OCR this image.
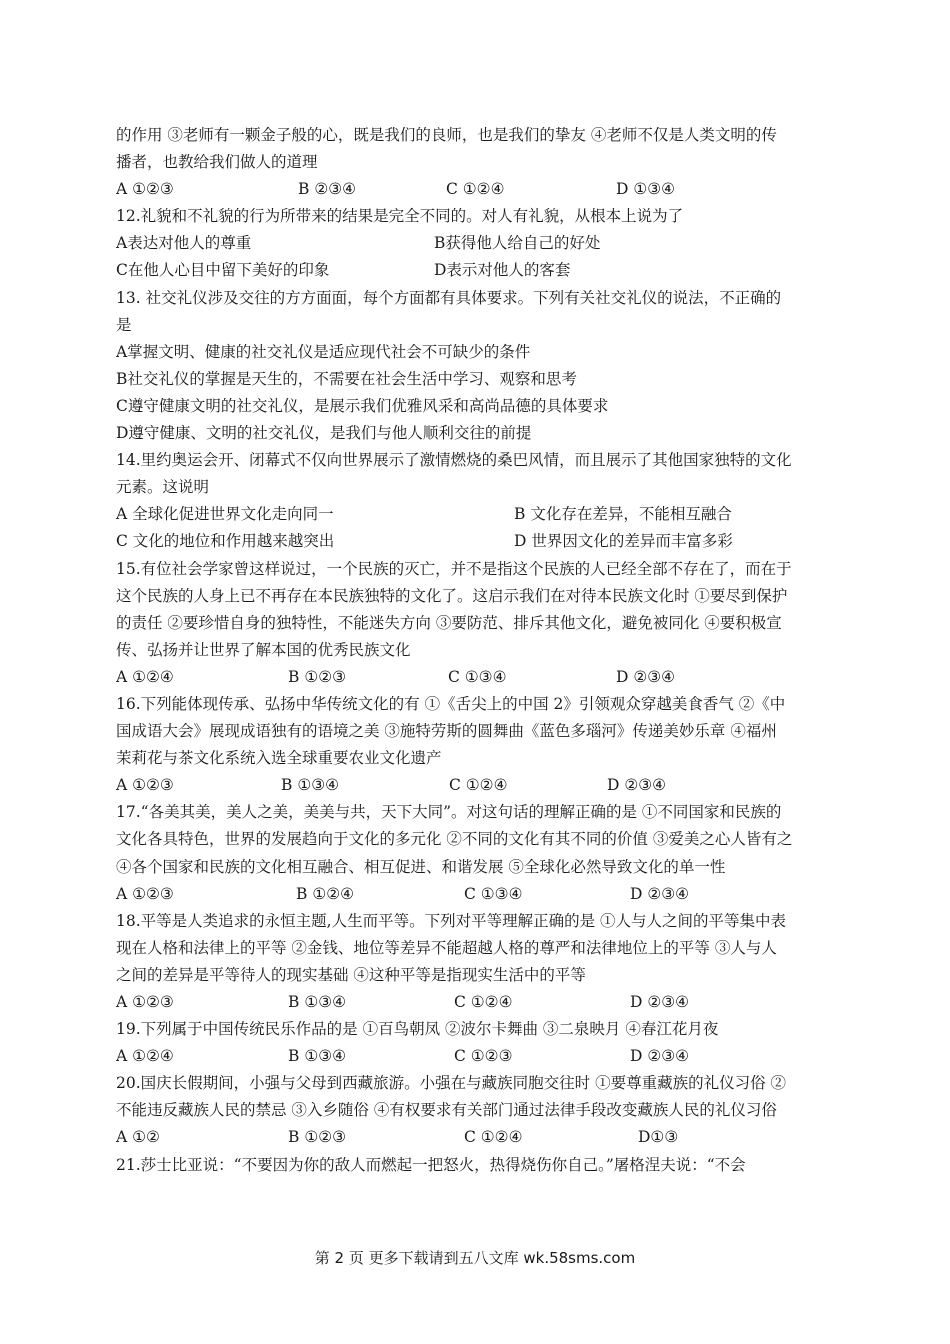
的作用 ③老师有一颗金子般的心，既是我们的良师，也是我们的挚友 ④老师不仅是人类文明的传
播者，也教给我们做人的道理
A ①②③	B ②③④	C ①②④	D ①③④
12.礼貌和不礼貌的行为所带来的结果是完全不同的。对人有礼貌，从根本上说为了
A表达对他人的尊重	B获得他人给自己的好处
C在他人心目中留下美好的印象	D表示对他人的客套
13. 社交礼仪涉及交往的方方面面，每个方面都有具体要求。下列有关社交礼仪的说法，不正确的
是
A掌握文明、健康的社交礼仪是适应现代社会不可缺少的条件
B社交礼仪的掌握是天生的，不需要在社会生活中学习、观察和思考
C遵守健康文明的社交礼仪，是展示我们优雅风采和高尚品德的具体要求
D遵守健康、文明的社交礼仪，是我们与他人顺利交往的前提
14.里约奥运会开、闭幕式不仅向世界展示了激情燃烧的桑巴风情，而且展示了其他国家独特的文化
元素。这说明
A 全球化促进世界文化走向同一	B 文化存在差异，不能相互融合
C 文化的地位和作用越来越突出	D 世界因文化的差异而丰富多彩
15.有位社会学家曾这样说过，一个民族的灭亡，并不是指这个民族的人已经全部不存在了，而在于
这个民族的人身上已不再存在本民族独特的文化了。这启示我们在对待本民族文化时 ①要尽到保护
的责任 ②要珍惜自身的独特性，不能迷失方向 ③要防范、排斥其他文化，避免被同化 ④要积极宣
传、弘扬并让世界了解本国的优秀民族文化
A ①②④	B ①②③	C ①③④	D ②③④
16.下列能体现传承、弘扬中华传统文化的有 ①《舌尖上的中国 2》引领观众穿越美食香气 ②《中
国成语大会》展现成语独有的语境之美 ③施特劳斯的圆舞曲《蓝色多瑙河》传递美妙乐章 ④福州
茉莉花与茶文化系统入选全球重要农业文化遗产
A ①②③	B ①③④	C ①②④	D ②③④
17.“各美其美，美人之美，美美与共，天下大同”。对这句话的理解正确的是 ①不同国家和民族的
文化各具特色，世界的发展趋向于文化的多元化 ②不同的文化有其不同的价值 ③爱美之心人皆有之
④各个国家和民族的文化相互融合、相互促进、和谐发展 ⑤全球化必然导致文化的单一性
A ①②③	B ①②④	C ①③④	D ②③④
18.平等是人类追求的永恒主题,人生而平等。下列对平等理解正确的是 ①人与人之间的平等集中表
现在人格和法律上的平等 ②金钱、地位等差异不能超越人格的尊严和法律地位上的平等 ③人与人
之间的差异是平等待人的现实基础 ④这种平等是指现实生活中的平等
A ①②③	B ①③④	C ①②④	D ②③④
19.下列属于中国传统民乐作品的是 ①百鸟朝凤 ②波尔卡舞曲 ③二泉映月 ④春江花月夜
A ①②④	B ①③④	C ①②③	D ②③④
20.国庆长假期间，小强与父母到西藏旅游。小强在与藏族同胞交往时 ①要尊重藏族的礼仪习俗 ②
不能违反藏族人民的禁忌 ③入乡随俗 ④有权要求有关部门通过法律手段改变藏族人民的礼仪习俗
A ①②	B ①②③	C ①②④	D①③
21.莎士比亚说：“不要因为你的敌人而燃起一把怒火，热得烧伤你自己。”屠格涅夫说：“不会
第 2 页 更多下载请到五八文库 wk.58sms.com
